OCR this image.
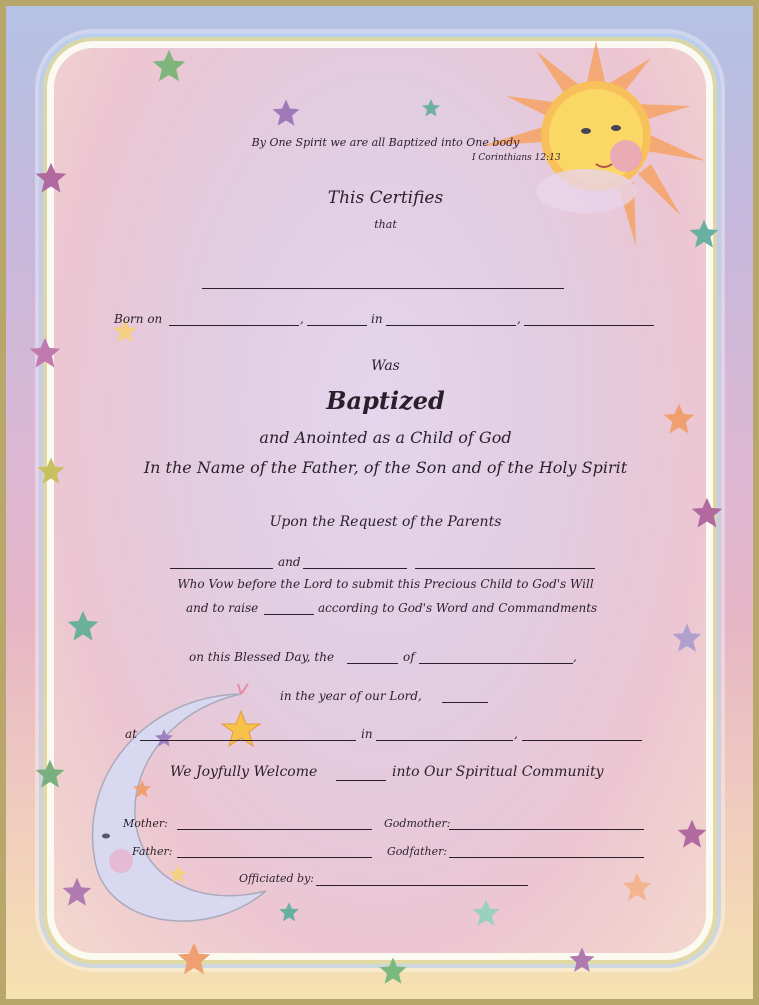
By One Spirit we are all Baptized into One body
I Corinthians 12:13
This Certifies
that
Born on	,	in	,
Was
Baptized
and Anointed as a Child of God
In the Name of the Father, of the Son and of the Holy Spirit
Upon the Request of the Parents
and
Who Vow before the Lord to submit this Precious Child to God's Will
and to raise	according to God's Word and Commandments
on this Blessed Day, the	of	,
in the year of our Lord,
at	in	,
We Joyfully Welcome	into Our Spiritual Community
Mother:	Godmother:
Father:	Godfather:
Officiated by:
